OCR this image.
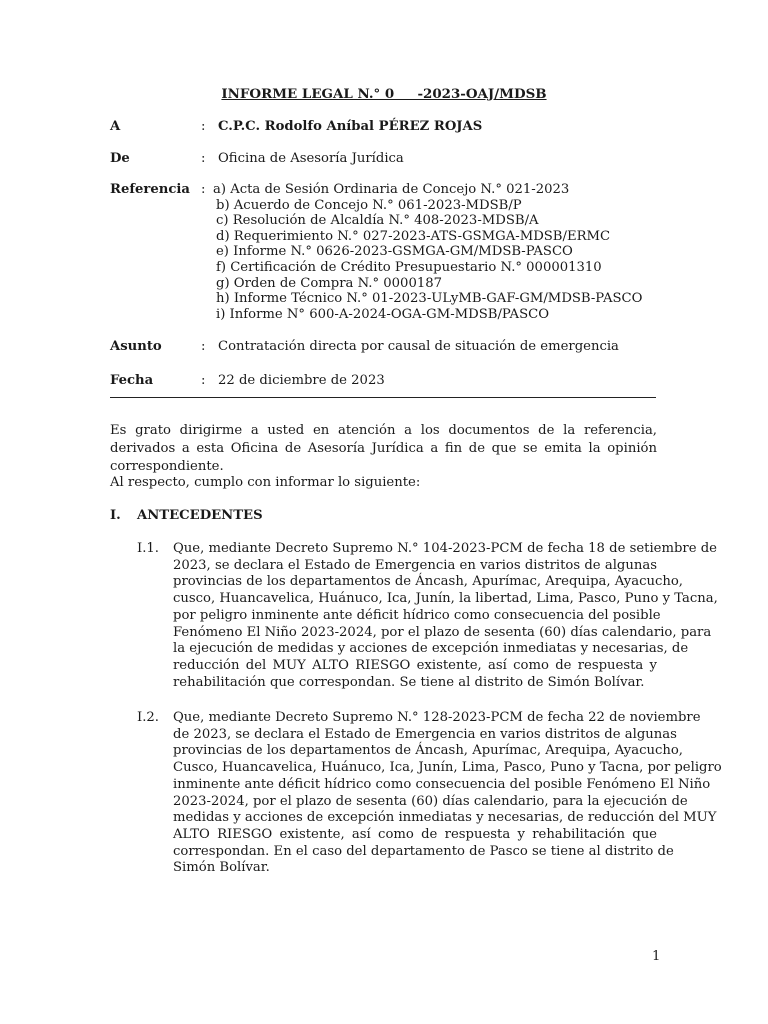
INFORME LEGAL N.° 0     -2023-OAJ/MDSB
A	: C.P.C. Rodolfo Aníbal PÉREZ ROJAS
De	: Oficina de Asesoría Jurídica
Referencia : a) Acta de Sesión Ordinaria de Concejo N.° 021-2023
b) Acuerdo de Concejo N.° 061-2023-MDSB/P
c) Resolución de Alcaldía N.° 408-2023-MDSB/A
d) Requerimiento N.° 027-2023-ATS-GSMGA-MDSB/ERMC
e) Informe N.° 0626-2023-GSMGA-GM/MDSB-PASCO
f) Certificación de Crédito Presupuestario N.° 000001310
g) Orden de Compra N.° 0000187
h) Informe Técnico N.° 01-2023-ULyMB-GAF-GM/MDSB-PASCO
i) Informe N° 600-A-2024-OGA-GM-MDSB/PASCO
Asunto	: Contratación directa por causal de situación de emergencia
Fecha	: 22 de diciembre de 2023
Es grato dirigirme a usted en atención a los documentos de la referencia, derivados a esta Oficina de Asesoría Jurídica a fin de que se emita la opinión correspondiente.
Al respecto, cumplo con informar lo siguiente:
I. ANTECEDENTES
I.1. Que, mediante Decreto Supremo N.° 104-2023-PCM de fecha 18 de setiembre de
2023, se declara el Estado de Emergencia en varios distritos de algunas
provincias de los departamentos de Áncash, Apurímac, Arequipa, Ayacucho,
cusco, Huancavelica, Huánuco, Ica, Junín, la libertad, Lima, Pasco, Puno y Tacna,
por peligro inminente ante déficit hídrico como consecuencia del posible
Fenómeno El Niño 2023-2024, por el plazo de sesenta (60) días calendario, para
la ejecución de medidas y acciones de excepción inmediatas y necesarias, de
reducción del MUY ALTO RIESGO existente, así como de respuesta y
rehabilitación que correspondan. Se tiene al distrito de Simón Bolívar.
I.2. Que, mediante Decreto Supremo N.° 128-2023-PCM de fecha 22 de noviembre
de 2023, se declara el Estado de Emergencia en varios distritos de algunas
provincias de los departamentos de Áncash, Apurímac, Arequipa, Ayacucho,
Cusco, Huancavelica, Huánuco, Ica, Junín, Lima, Pasco, Puno y Tacna, por peligro
inminente ante déficit hídrico como consecuencia del posible Fenómeno El Niño
2023-2024, por el plazo de sesenta (60) días calendario, para la ejecución de
medidas y acciones de excepción inmediatas y necesarias, de reducción del MUY
ALTO RIESGO existente, así como de respuesta y rehabilitación que
correspondan. En el caso del departamento de Pasco se tiene al distrito de
Simón Bolívar.
1
